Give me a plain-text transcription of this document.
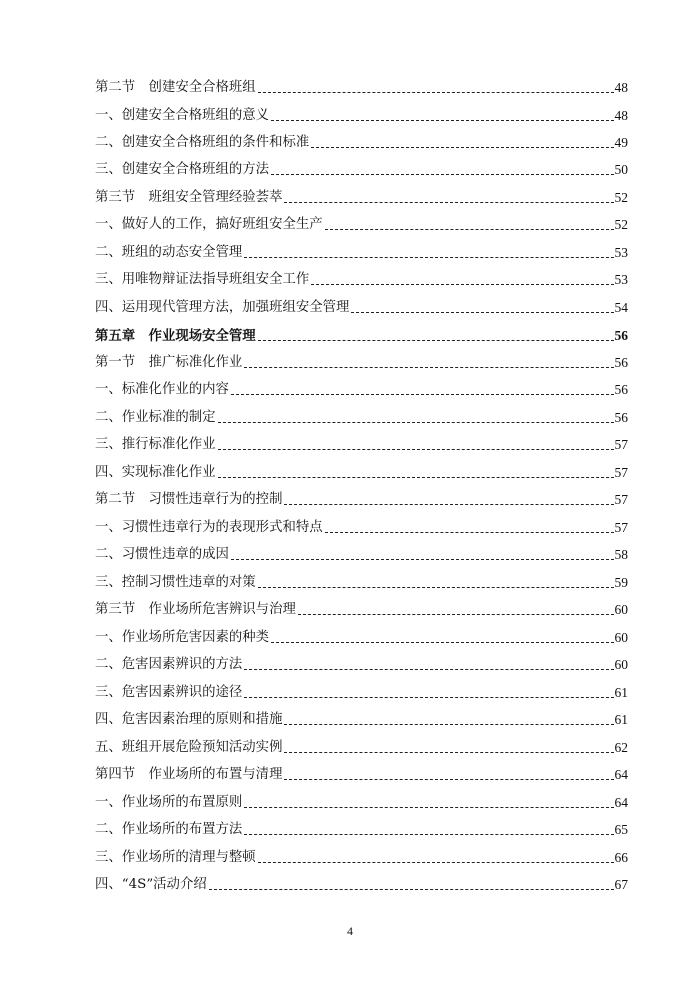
第二节　创建安全合格班组	48
一、创建安全合格班组的意义	48
二、创建安全合格班组的条件和标准	49
三、创建安全合格班组的方法	50
第三节　班组安全管理经验荟萃	52
一、做好人的工作，搞好班组安全生产	52
二、班组的动态安全管理	53
三、用唯物辩证法指导班组安全工作	53
四、运用现代管理方法，加强班组安全管理	54
第五章　作业现场安全管理	56
第一节　推广标准化作业	56
一、标准化作业的内容	56
二、作业标准的制定	56
三、推行标准化作业	57
四、实现标准化作业	57
第二节　习惯性违章行为的控制	57
一、习惯性违章行为的表现形式和特点	57
二、习惯性违章的成因	58
三、控制习惯性违章的对策	59
第三节　作业场所危害辨识与治理	60
一、作业场所危害因素的种类	60
二、危害因素辨识的方法	60
三、危害因素辨识的途径	61
四、危害因素治理的原则和措施	61
五、班组开展危险预知活动实例	62
第四节　作业场所的布置与清理	64
一、作业场所的布置原则	64
二、作业场所的布置方法	65
三、作业场所的清理与整顿	66
四、“4S”活动介绍	67
4
